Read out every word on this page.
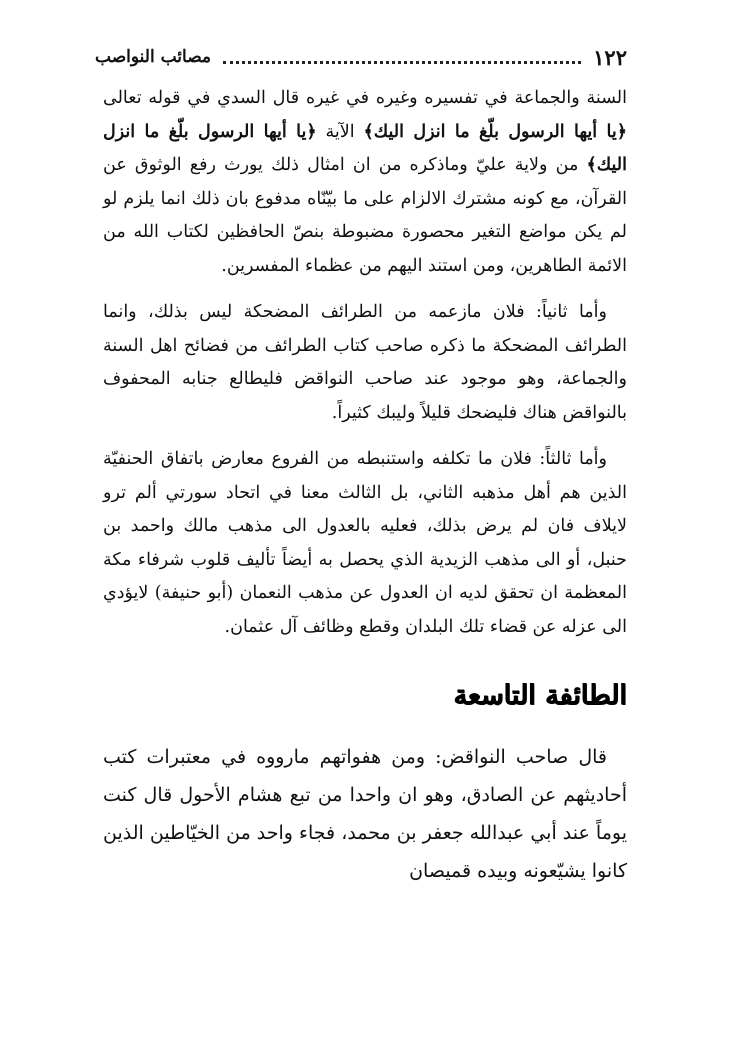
١٢٢
مصائب النواصب

السنة والجماعة في تفسيره وغيره في غيره قال السدي في قوله تعالى ﴿يا أيها الرسول بلّغ ما انزل اليك﴾ الآية ﴿يا أيها الرسول بلّغ ما انزل اليك﴾ من ولاية عليّ وماذكره من ان امثال ذلك يورث رفع الوثوق عن القرآن، مع كونه مشترك الالزام على ما بيّنّاه مدفوع بان ذلك انما يلزم لو لم يكن مواضع التغير محصورة مضبوطة بنصّ الحافظين لكتاب الله من الائمة الطاهرين، ومن استند اليهم من عظماء المفسرين.

وأما ثانياً: فلان مازعمه من الطرائف المضحكة ليس بذلك، وانما الطرائف المضحكة ما ذكره صاحب كتاب الطرائف من فضائح اهل السنة والجماعة، وهو موجود عند صاحب النواقض فليطالع جنابه المحفوف بالنواقض هناك فليضحك قليلاً وليبك كثيراً.

وأما ثالثاً: فلان ما تكلفه واستنبطه من الفروع معارض باتفاق الحنفيّة الذين هم أهل مذهبه الثاني، بل الثالث معنا في اتحاد سورتي ألم ترو لايلاف فان لم يرض بذلك، فعليه بالعدول الى مذهب مالك واحمد بن حنبل، أو الى مذهب الزيدية الذي يحصل به أيضاً تأليف قلوب شرفاء مكة المعظمة ان تحقق لديه ان العدول عن مذهب النعمان (أبو حنيفة) لايؤدي الى عزله عن قضاء تلك البلدان وقطع وظائف آل عثمان.

الطائفة التاسعة

قال صاحب النواقض: ومن هفواتهم مارووه في معتبرات كتب أحاديثهم عن الصادق، وهو ان واحدا من تبع هشام الأحول قال كنت يوماً عند أبي عبدالله جعفر بن محمد، فجاء واحد من الخيّاطين الذين كانوا يشيّعونه وبيده قميصان
